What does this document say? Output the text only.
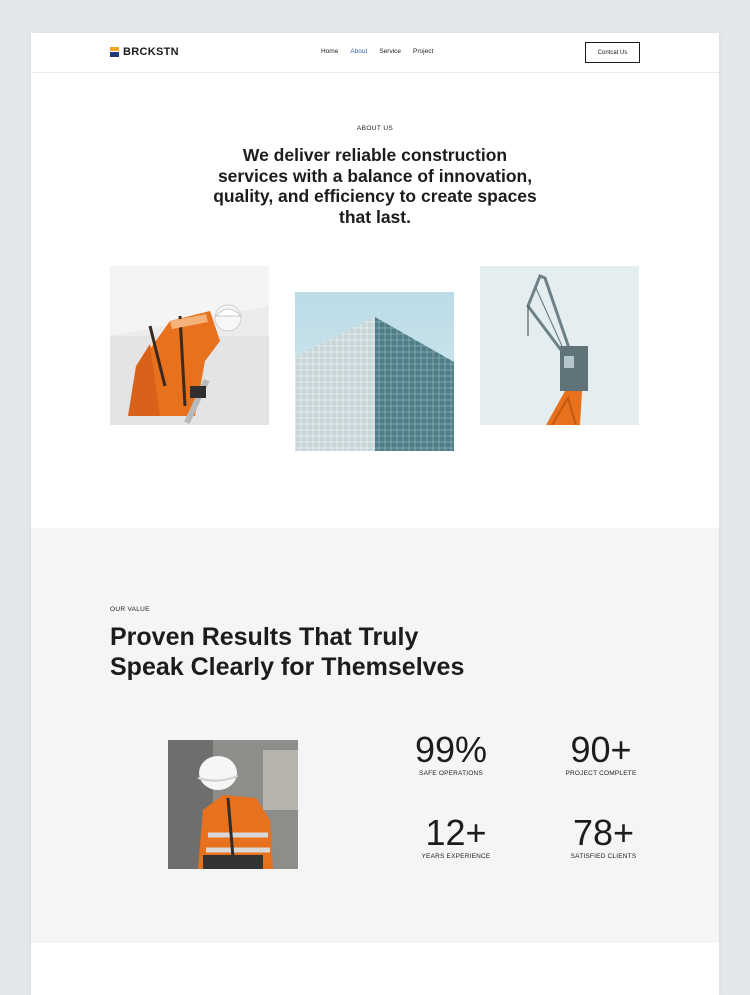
BRCKSTN	Home About Service Project	Contcat Us
ABOUT US
We deliver reliable construction services with a balance of innovation, quality, and efficiency to create spaces that last.
OUR VALUE
Proven Results That Truly
Speak Clearly for Themselves
99%
SAFE OPERATIONS
90+
PROJECT COMPLETE
12+
YEARS EXPERIENCE
78+
SATISFIED CLIENTS
